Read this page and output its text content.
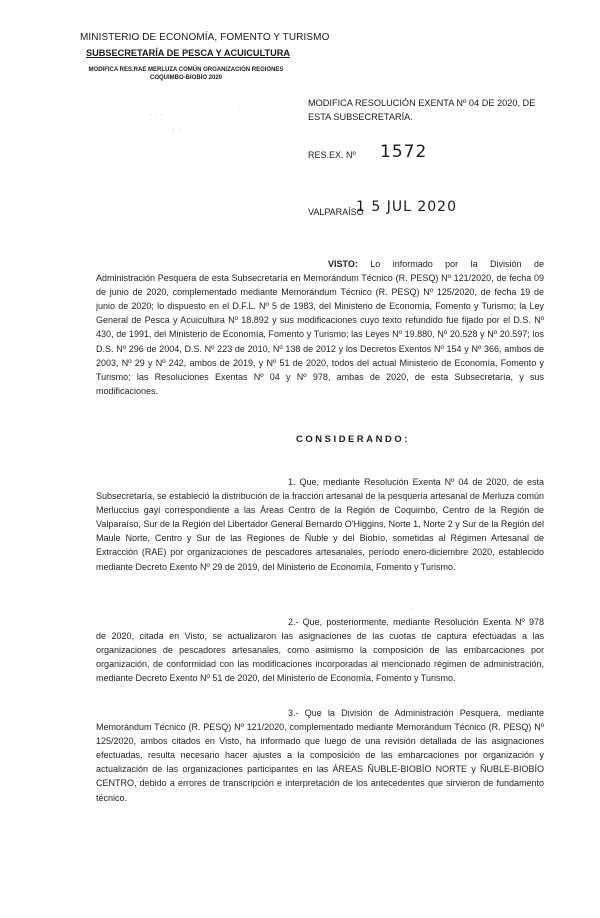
MINISTERIO DE ECONOMÍA, FOMENTO Y TURISMO
SUBSECRETARÍA DE PESCA Y ACUICULTURA
MODIFICA RES.RAE MERLUZA COMÚN ORGANIZACIÓN REGIONES COQUIMBO-BIOBÍO 2020
· · ·
· ·
· · ·	MODIFICA RESOLUCIÓN EXENTA Nº 04 DE 2020, DE ESTA SUBSECRETARÍA.
RES.EX. Nº 1572
VALPARAÍSO
1 5 JUL 2020
VISTO: Lo informado por la División de Administración Pesquera de esta Subsecretaría en Memorándum Técnico (R. PESQ) Nº 121/2020, de fecha 09 de junio de 2020, complementado mediante Memorándum Técnico (R. PESQ) Nº 125/2020, de fecha 19 de junio de 2020; lo dispuesto en el D.F.L. Nº 5 de 1983, del Ministerio de Economía, Fomento y Turismo; la Ley General de Pesca y Acuicultura Nº 18.892 y sus modificaciones cuyo texto refundido fue fijado por el D.S. Nº 430, de 1991, del Ministerio de Economía, Fomento y Turismo; las Leyes Nº 19.880, Nº 20.528 y Nº 20.597; los D.S. Nº 296 de 2004, D.S. Nº 223 de 2010, Nº 138 de 2012 y los Decretos Exentos Nº 154 y Nº 366, ambos de 2003, Nº 29 y Nº 242, ambos de 2019, y Nº 51 de 2020, todos del actual Ministerio de Economía, Fomento y Turismo; las Resoluciones Exentas Nº 04 y Nº 978, ambas de 2020, de esta Subsecretaría, y sus modificaciones.
CONSIDERANDO:
1. Que, mediante Resolución Exenta Nº 04 de 2020, de esta Subsecretaría, se estableció la distribución de la fracción artesanal de la pesquería artesanal de Merluza común Merluccius gayi correspondiente a las Áreas Centro de la Región de Coquimbo, Centro de la Región de Valparaíso, Sur de la Región del Libertador General Bernardo O'Higgins, Norte 1, Norte 2 y Sur de la Región del Maule Norte, Centro y Sur de las Regiones de Ñuble y del Biobío, sometidas al Régimen Artesanal de Extracción (RAE) por organizaciones de pescadores artesanales, período enero-diciembre 2020, establecido mediante Decreto Exento Nº 29 de 2019, del Ministerio de Economía, Fomento y Turismo.
·
2.- Que, posteriormente, mediante Resolución Exenta Nº 978 de 2020, citada en Visto, se actualizaron las asignaciones de las cuotas de captura efectuadas a las organizaciones de pescadores artesanales, como asimismo la composición de las embarcaciones por organización, de conformidad con las modificaciones incorporadas al mencionado régimen de administración, mediante Decreto Exento Nº 51 de 2020, del Ministerio de Economía, Fomento y Turismo.
3.- Que la División de Administración Pesquera, mediante Memorándum Técnico (R. PESQ) Nº 121/2020, complementado mediante Memorándum Técnico (R. PESQ) Nº 125/2020, ambos citados en Visto, ha informado que luego de una revisión detallada de las asignaciones efectuadas, resulta necesario hacer ajustes a la composición de las embarcaciones por organización y actualización de las organizaciones participantes en las ÁREAS ÑUBLE-BIOBÍO NORTE y ÑUBLE-BIOBÍO CENTRO, debido a errores de transcripción e interpretación de los antecedentes que sirvieron de fundamento técnico.
